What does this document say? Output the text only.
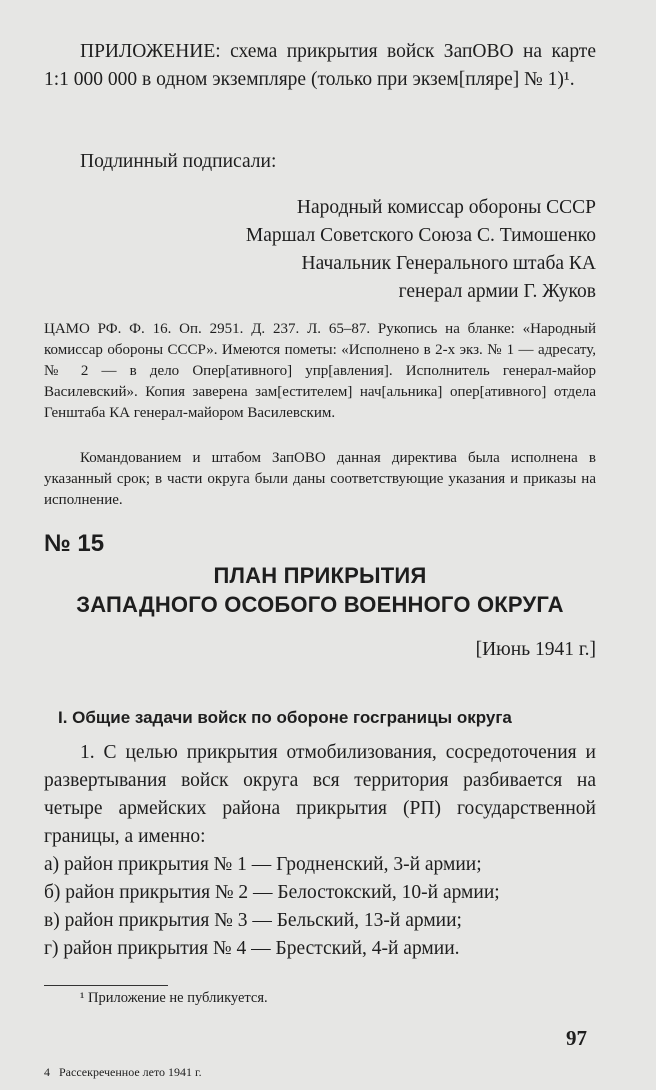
ПРИЛОЖЕНИЕ: схема прикрытия войск ЗапОВО на карте 1:1 000 000 в одном экземпляре (только при экзем[пляре] № 1)¹.

Подлинный подписали:

Народный комиссар обороны СССР
Маршал Советского Союза С. Тимошенко
Начальник Генерального штаба КА
генерал армии Г. Жуков

ЦАМО РФ. Ф. 16. Оп. 2951. Д. 237. Л. 65–87. Рукопись на бланке: «Народный комиссар обороны СССР». Имеются пометы: «Исполнено в 2-х экз. № 1 — адресату, № 2 — в дело Опер[ативного] упр[авления]. Исполнитель генерал-майор Василевский». Копия заверена зам[естителем] нач[альника] опер[ативного] отдела Генштаба КА генерал-майором Василевским.

Командованием и штабом ЗапОВО данная директива была исполнена в указанный срок; в части округа были даны соответствующие указания и приказы на исполнение.

№ 15
ПЛАН ПРИКРЫТИЯ
ЗАПАДНОГО ОСОБОГО ВОЕННОГО ОКРУГА
[Июнь 1941 г.]
I. Общие задачи войск по обороне госграницы округа

1. С целью прикрытия отмобилизования, сосредоточения и развертывания войск округа вся территория разбивается на четыре армейских района прикрытия (РП) государственной границы, а именно:

а) район прикрытия № 1 — Гродненский, 3-й армии;
б) район прикрытия № 2 — Белостокский, 10-й армии;
в) район прикрытия № 3 — Бельский, 13-й армии;
г) район прикрытия № 4 — Брестский, 4-й армии.
¹ Приложение не публикуется.
97
4   Рассекреченное лето 1941 г.
